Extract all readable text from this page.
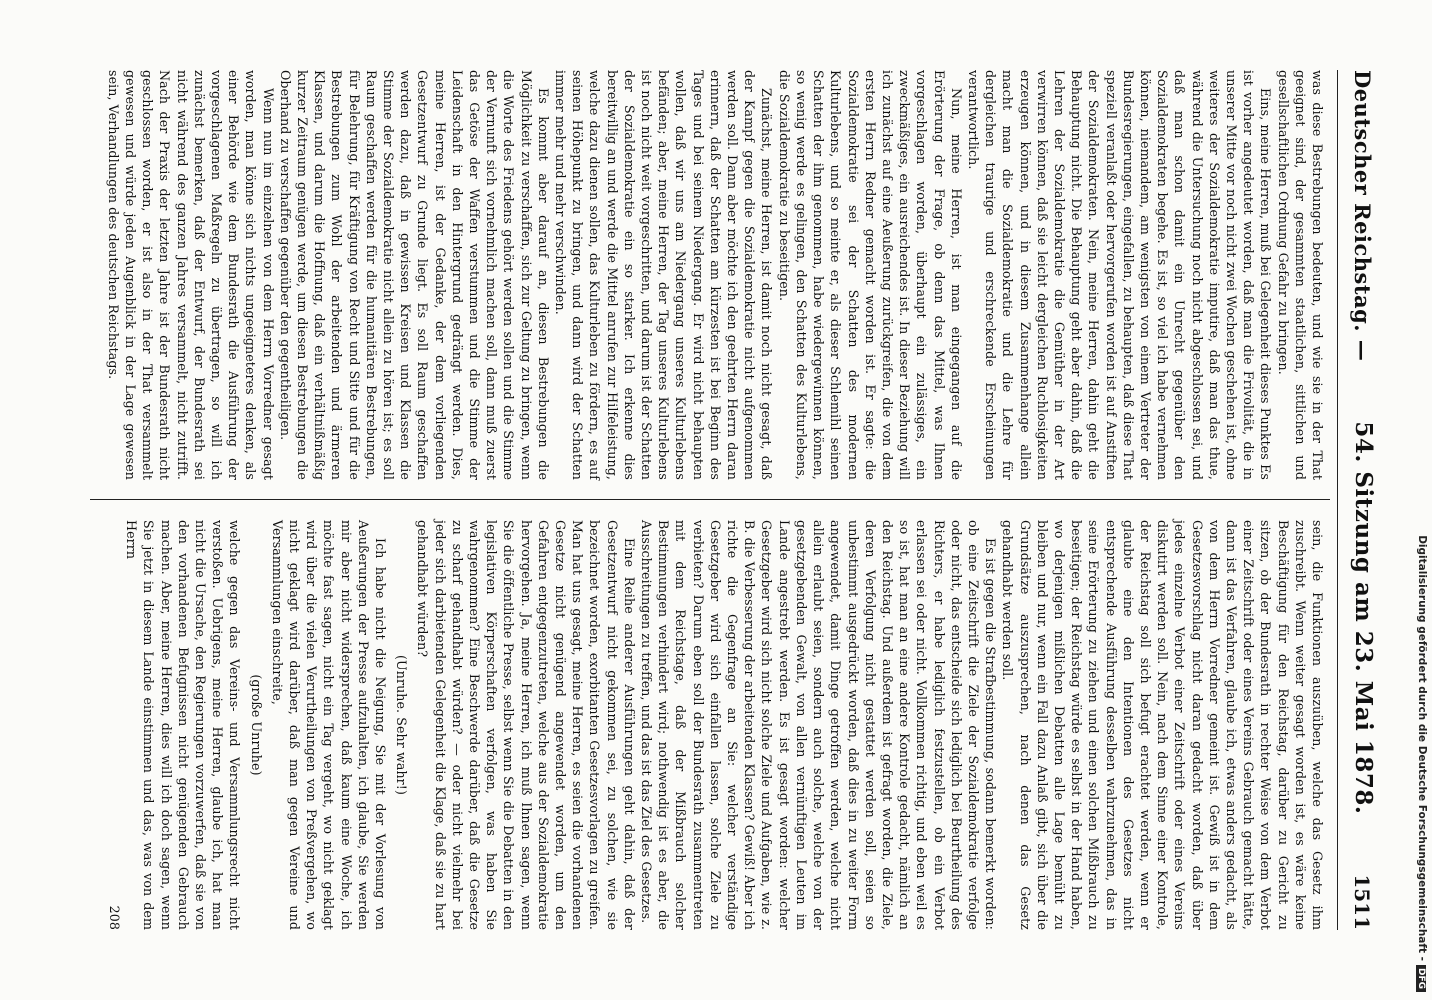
Deutscher Reichstag. —
54. Sitzung am 23. Mai 1878.
1511

was diese Bestrebungen bedeuten, und wie sie in der That geeignet sind, der gesammten staatlichen, sittlichen und gesellschaftlichen Ordnung Gefahr zu bringen.

Eins, meine Herren, muß bei Gelegenheit dieses Punktes Es ist vorher angedeutet worden, daß man die Frivolität, die in unserer Mitte vor noch nicht zwei Wochen geschehen ist, ohne weiteres der Sozialdemokratie imputire, daß man das thue, während die Untersuchung noch nicht abgeschlossen sei, und daß man schon damit ein Unrecht gegenüber den Sozialdemokraten begehe. Es ist, so viel ich habe vernehmen können, niemandem, am wenigsten von einem Vertreter der Bundesregierungen, eingefallen, zu behaupten, daß diese That speziell veranlaßt oder hervorgerufen worden ist auf Anstiften der Sozialdemokraten. Nein, meine Herren, dahin geht die Behauptung nicht. Die Behauptung geht aber dahin, daß die Lehren der Sozialdemokratie die Gemüther in der Art verwirren können, daß sie leicht dergleichen Ruchlosigkeiten erzeugen können, und in diesem Zusammenhange allein macht man die Sozialdemokratie und die Lehre für dergleichen traurige und erschreckende Erscheinungen verantwortlich.

Nun, meine Herren, ist man eingegangen auf die Erörterung der Frage, ob denn das Mittel, was Ihnen vorgeschlagen worden, überhaupt ein zulässiges, ein zweckmäßiges, ein ausreichendes ist. In dieser Beziehung will ich zunächst auf eine Aeußerung zurückgreifen, die von dem ersten Herrn Redner gemacht worden ist. Er sagte: die Sozialdemokratie sei der Schatten des modernen Kulturlebens, und so meinte er, als dieser Schlemihl seinen Schatten der ihm genommen, habe wiedergewinnen können, so wenig werde es gelingen, den Schatten des Kulturlebens, die Sozialdemokratie zu beseitigen.

Zunächst, meine Herren, ist damit noch nicht gesagt, daß der Kampf gegen die Sozialdemokratie nicht aufgenommen werden soll. Dann aber möchte ich den geehrten Herrn daran erinnern, daß der Schatten am kürzesten ist bei Beginn des Tages und bei seinem Niedergang. Er wird nicht behaupten wollen, daß wir uns am Niedergang unseres Kulturlebens befänden; aber, meine Herren, der Tag unseres Kulturlebens ist noch nicht weit vorgeschritten, und darum ist der Schatten der Sozialdemokratie ein so starker. Ich erkenne dies bereitwillig an und werde die Mittel anrufen zur Hilfeleistung, welche dazu dienen sollen, das Kulturleben zu fördern, es auf seinen Höhepunkt zu bringen, und dann wird der Schatten immer mehr und mehr verschwinden.

Es kommt aber darauf an, diesen Bestrebungen die Möglichkeit zu verschaffen, sich zur Geltung zu bringen, wenn die Worte des Friedens gehört werden sollen und die Stimme der Vernunft sich vornehmlich machen soll, dann muß zuerst das Getöse der Waffen verstummen und die Stimme der Leidenschaft in den Hintergrund gedrängt werden. Dies, meine Herren, ist der Gedanke, der dem vorliegenden Gesetzentwurf zu Grunde liegt. Es soll Raum geschaffen werden dazu, daß in gewissen Kreisen und Klassen die Stimme der Sozialdemokratie nicht allein zu hören ist; es soll Raum geschaffen werden für die humanitären Bestrebungen, für Belehrung, für Kräftigung von Recht und Sitte und für die Bestrebungen zum Wohl der arbeitenden und ärmeren Klassen, und darum die Hoffnung, daß ein verhältnißmäßig kurzer Zeitraum genügen werde, um diesen Bestrebungen die Oberhand zu verschaffen gegenüber den gegentheiligen.

Wenn nun im einzelnen von dem Herrn Vorredner gesagt worden, man könne sich nichts ungeeigneteres denken, als einer Behörde wie dem Bundesrath die Ausführung der vorgeschlagenen Maßregeln zu übertragen, so will ich zunächst bemerken, daß der Entwurf, der Bundesrath sei nicht während des ganzen Jahres versammelt, nicht zutrifft. Nach der Praxis der letzten Jahre ist der Bundesrath nicht geschlossen worden, er ist also in der That versammelt gewesen und würde jeden Augenblick in der Lage gewesen sein, Verhandlungen des deutschen Reichstags.

sein, die Funktionen auszuüben, welche das Gesetz ihm zuschreibt. Wenn weiter gesagt worden ist, es wäre keine Beschäftigung für den Reichstag, darüber zu Gericht zu sitzen, ob der Bundesrath in rechter Weise von dem Verbot einer Zeitschrift oder eines Vereins Gebrauch gemacht hätte, dann ist das Verfahren, glaube ich, etwas anders gedacht, als von dem Herrn Vorredner gemeint ist. Gewiß ist in dem Gesetzesvorschlag nicht daran gedacht worden, daß über jedes einzelne Verbot einer Zeitschrift oder eines Vereins diskutirt werden soll. Nein, nach dem Sinne einer Kontrole, der Reichstag soll sich befugt erachtet werden, wenn er glaubte eine den Intentionen des Gesetzes nicht entsprechende Ausführung desselben wahrzunehmen, das in seine Erörterung zu ziehen und einen solchen Mißbrauch zu beseitigen; der Reichstag würde es selbst in der Hand haben, wo derjenigen mißlichen Debatten alle Lage bemüht zu bleiben und nur, wenn ein Fall dazu Anlaß gibt, sich über die Grundsätze auszusprechen, nach denen das Gesetz gehandhabt werden soll.

Es ist gegen die Strafbestimmung, sodann bemerkt worden: ob eine Zeitschrift die Ziele der Sozialdemokratie verfolge oder nicht, das entscheide sich lediglich bei Beurtheilung des Richters, er habe lediglich festzustellen, ob ein Verbot erlassen sei oder nicht. Vollkommen richtig, und eben weil es so ist, hat man an eine andere Kontrole gedacht, nämlich an den Reichstag. Und außerdem ist gefragt worden, die Ziele, deren Verfolgung nicht gestattet werden soll, seien so unbestimmt ausgedrückt worden, daß dies in zu weiter Form angewendet, damit Dinge getroffen werden, welche nicht allein erlaubt seien, sondern auch solche, welche von der gesetzgebenden Gewalt, von allen vernünftigen Leuten im Lande angestrebt werden. Es ist gesagt worden: welcher Gesetzgeber wird sich nicht solche Ziele und Aufgaben, wie z. B. die Verbesserung der arbeitenden Klassen? Gewiß! Aber ich richte die Gegenfrage an Sie: welcher verständige Gesetzgeber wird sich einfallen lassen, solche Ziele zu verbieten? Darum eben soll der Bundesrath zusammentreten mit dem Reichstage, daß der Mißbrauch solcher Bestimmungen verhindert wird; nothwendig ist es aber, die Ausschreitungen zu treffen, und das ist das Ziel des Gesetzes.

Eine Reihe anderer Ausführungen geht dahin, daß der Gesetzentwurf nicht gekommen sei, zu solchen, wie sie bezeichnet worden, exorbitanten Gesetzesvorlagen zu greifen. Man hat uns gesagt, meine Herren, es seien die vorhandenen Gesetze nicht genügend angewendet worden, um den Gefahren entgegenzutreten, welche aus der Sozialdemokratie hervorgehen. Ja, meine Herren, ich muß Ihnen sagen, wenn Sie die öffentliche Presse, selbst wenn Sie die Debatten in den legislativen Körperschaften verfolgen, was haben Sie wahrgenommen? Eine Beschwerde darüber, daß die Gesetze zu scharf gehandhabt würden? — oder nicht vielmehr bei jeder sich darbietenden Gelegenheit die Klage, daß sie zu hart gehandhabt würden?

(Unruhe. Sehr wahr!)

Ich habe nicht die Neigung, Sie mit der Vorlesung von Aeußerungen der Presse aufzuhalten, ich glaube, Sie werden mir aber nicht widersprechen, daß kaum eine Woche, ich möchte fast sagen, nicht ein Tag vergeht, wo nicht geklagt wird über die vielen Verurtheilungen von Preßvergehen, wo nicht geklagt wird darüber, daß man gegen Vereine und Versammlungen einschreite,

(große Unruhe)

welche gegen das Vereins- und Versammlungsrecht nicht verstoßen. Uebrigens, meine Herren, glaube ich, hat man nicht die Ursache, den Regierungen vorzuwerfen, daß sie von den vorhandenen Befugnissen nicht genügenden Gebrauch machen. Aber, meine Herren, dies will ich doch sagen, wenn Sie jetzt in diesem Lande einstimmen und das, was von dem Herrn

208	Digitalisierung gefördert durch die Deutsche Forschungsgemeinschaft -DFG
